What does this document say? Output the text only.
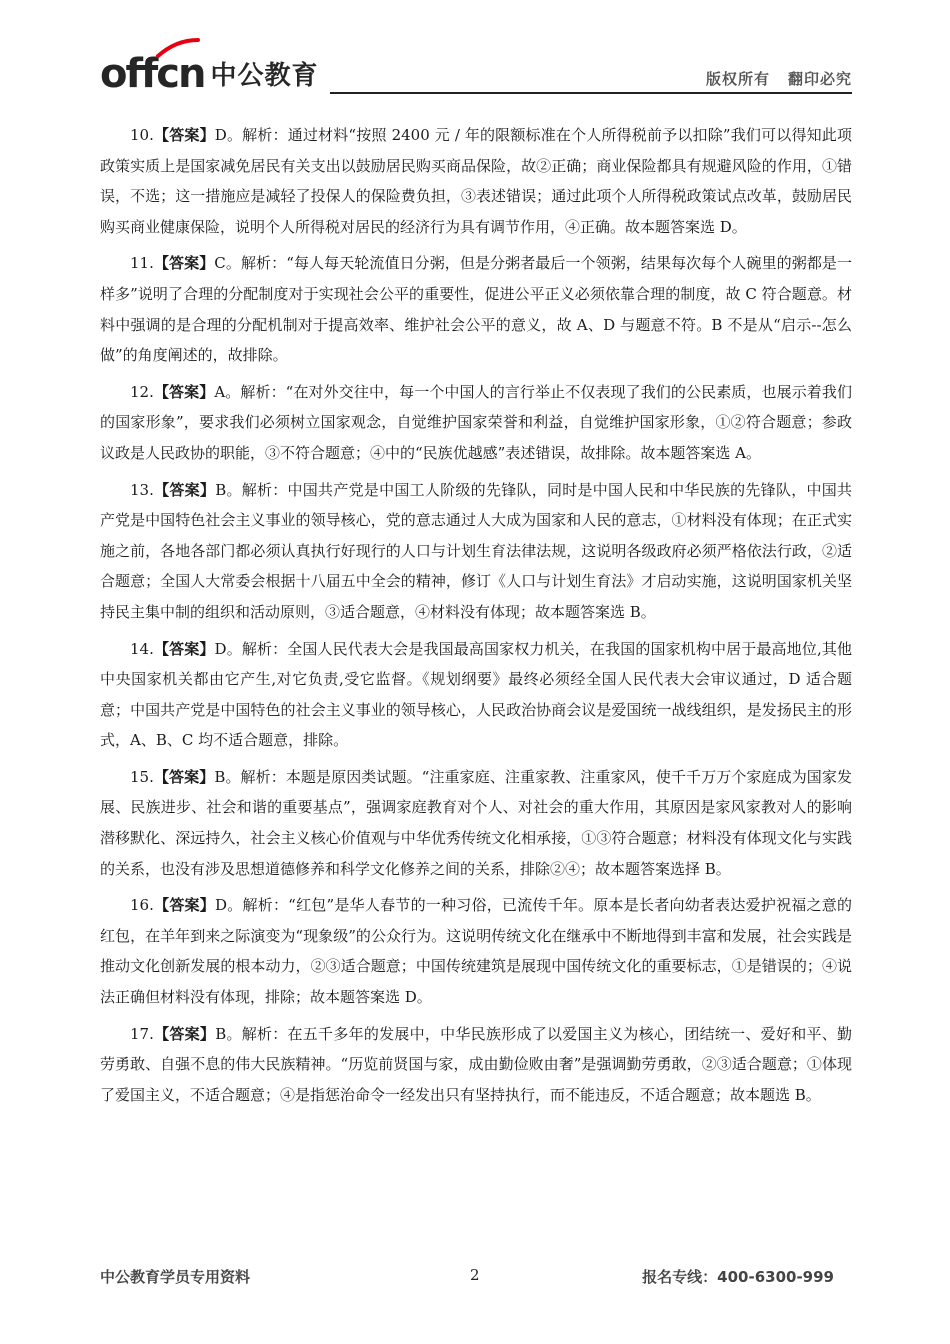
offcn 中公教育	版权所有 翻印必究

10.【答案】D。解析：通过材料“按照 2400 元 / 年的限额标准在个人所得税前予以扣除”我们可以得知此项政策实质上是国家减免居民有关支出以鼓励居民购买商品保险，故②正确；商业保险都具有规避风险的作用，①错误，不选；这一措施应是减轻了投保人的保险费负担，③表述错误；通过此项个人所得税政策试点改革，鼓励居民购买商业健康保险，说明个人所得税对居民的经济行为具有调节作用，④正确。故本题答案选 D。

11.【答案】C。解析：“每人每天轮流值日分粥，但是分粥者最后一个领粥，结果每次每个人碗里的粥都是一样多”说明了合理的分配制度对于实现社会公平的重要性，促进公平正义必须依靠合理的制度，故 C 符合题意。材料中强调的是合理的分配机制对于提高效率、维护社会公平的意义，故 A、D 与题意不符。B 不是从“启示--怎么做”的角度阐述的，故排除。

12.【答案】A。解析：“在对外交往中，每一个中国人的言行举止不仅表现了我们的公民素质，也展示着我们的国家形象”，要求我们必须树立国家观念，自觉维护国家荣誉和利益，自觉维护国家形象，①②符合题意；参政议政是人民政协的职能，③不符合题意；④中的“民族优越感”表述错误，故排除。故本题答案选 A。

13.【答案】B。解析：中国共产党是中国工人阶级的先锋队，同时是中国人民和中华民族的先锋队，中国共产党是中国特色社会主义事业的领导核心，党的意志通过人大成为国家和人民的意志，①材料没有体现；在正式实施之前，各地各部门都必须认真执行好现行的人口与计划生育法律法规，这说明各级政府必须严格依法行政，②适合题意；全国人大常委会根据十八届五中全会的精神，修订《人口与计划生育法》才启动实施，这说明国家机关坚持民主集中制的组织和活动原则，③适合题意，④材料没有体现；故本题答案选 B。

14.【答案】D。解析：全国人民代表大会是我国最高国家权力机关，在我国的国家机构中居于最高地位,其他中央国家机关都由它产生,对它负责,受它监督。《规划纲要》最终必须经全国人民代表大会审议通过，D 适合题意；中国共产党是中国特色的社会主义事业的领导核心，人民政治协商会议是爱国统一战线组织，是发扬民主的形式，A、B、C 均不适合题意，排除。

15.【答案】B。解析：本题是原因类试题。“注重家庭、注重家教、注重家风，使千千万万个家庭成为国家发展、民族进步、社会和谐的重要基点”，强调家庭教育对个人、对社会的重大作用，其原因是家风家教对人的影响潜移默化、深远持久，社会主义核心价值观与中华优秀传统文化相承接，①③符合题意；材料没有体现文化与实践的关系，也没有涉及思想道德修养和科学文化修养之间的关系，排除②④；故本题答案选择 B。

16.【答案】D。解析：“红包”是华人春节的一种习俗，已流传千年。原本是长者向幼者表达爱护祝福之意的红包，在羊年到来之际演变为“现象级”的公众行为。这说明传统文化在继承中不断地得到丰富和发展，社会实践是推动文化创新发展的根本动力，②③适合题意；中国传统建筑是展现中国传统文化的重要标志，①是错误的；④说法正确但材料没有体现，排除；故本题答案选 D。

17.【答案】B。解析：在五千多年的发展中，中华民族形成了以爱国主义为核心，团结统一、爱好和平、勤劳勇敢、自强不息的伟大民族精神。“历览前贤国与家，成由勤俭败由奢”是强调勤劳勇敢，②③适合题意；①体现了爱国主义，不适合题意；④是指惩治命令一经发出只有坚持执行，而不能违反，不适合题意；故本题选 B。

中公教育学员专用资料	2	报名专线：400-6300-999
